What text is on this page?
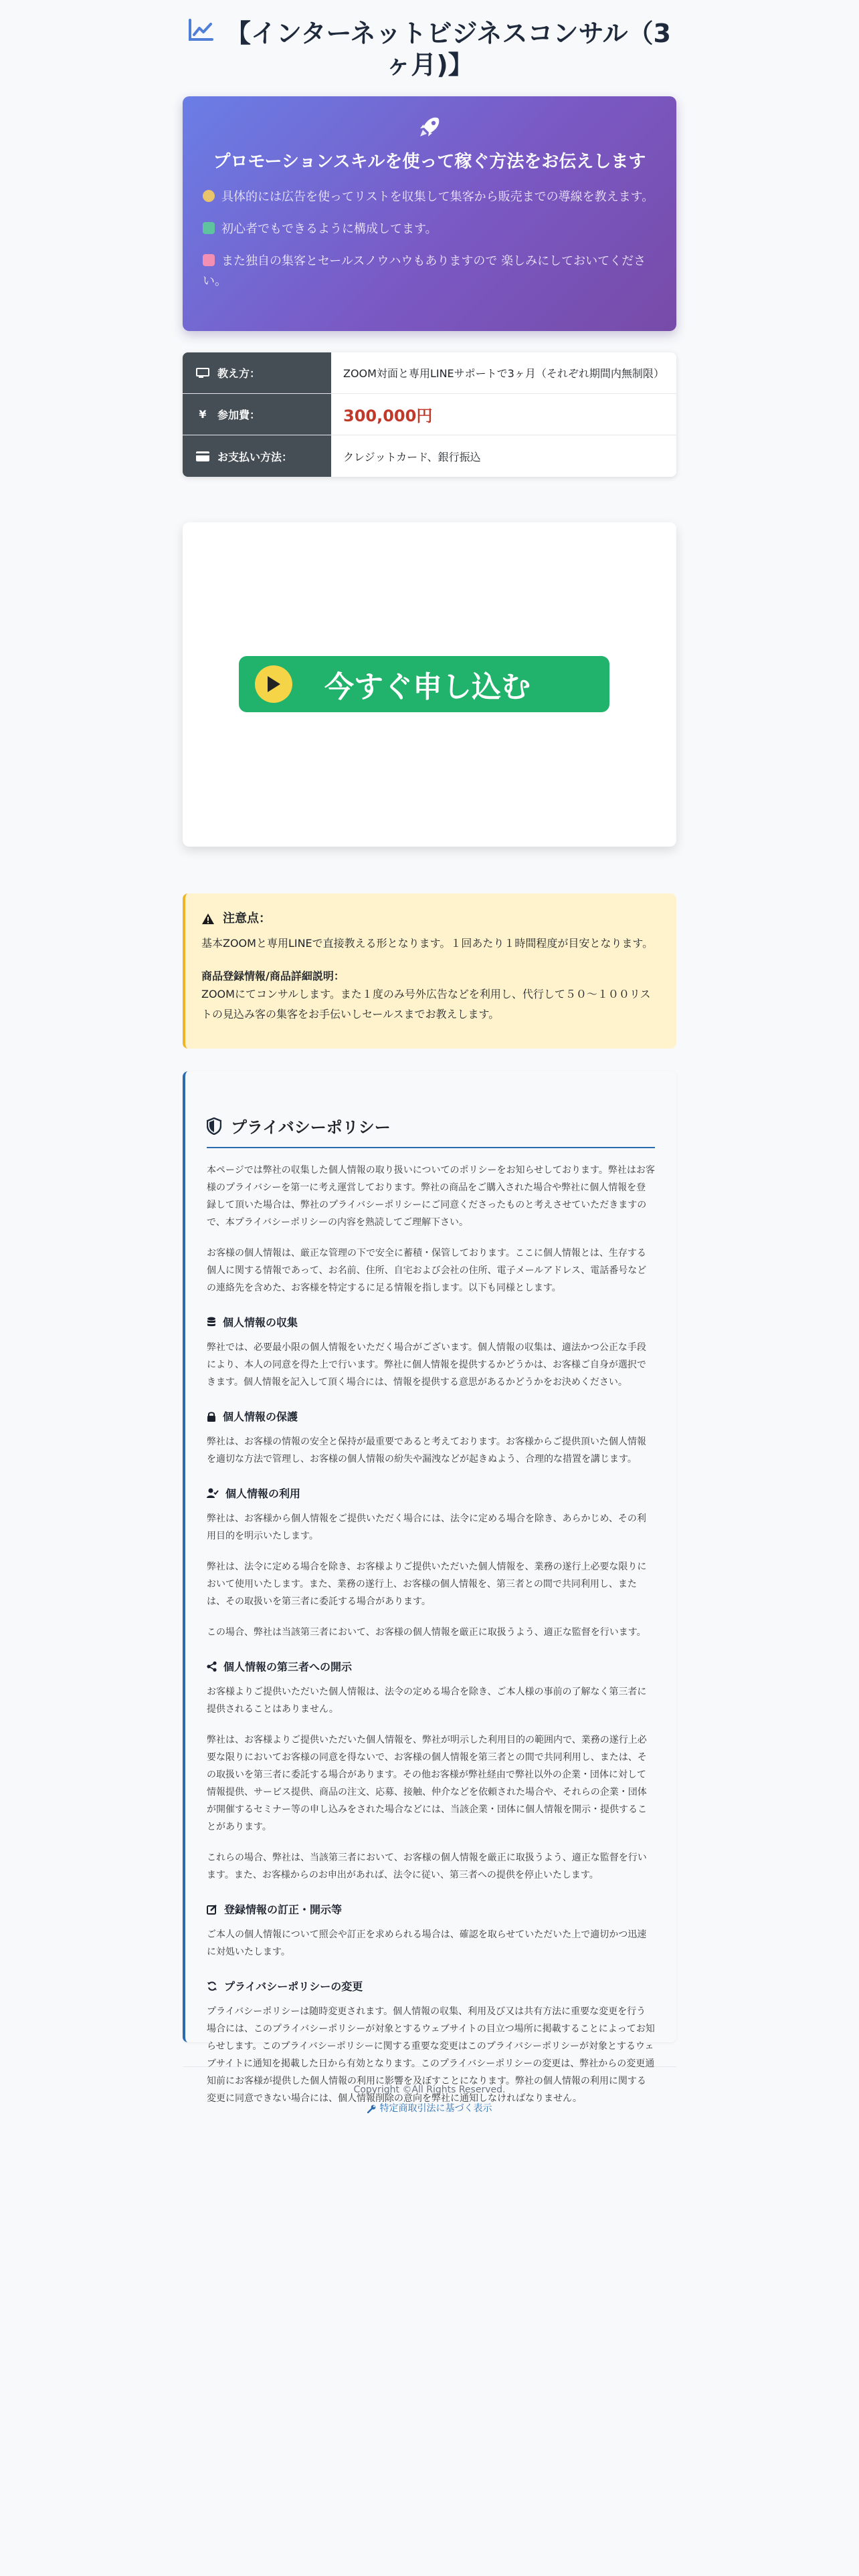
【インターネットビジネスコンサル（3ヶ月)】
プロモーションスキルを使って稼ぐ方法をお伝えします
具体的には広告を使ってリストを収集して集客から販売までの導線を教えます。
初心者でもできるように構成してます。
また独自の集客とセールスノウハウもありますので 楽しみにしておいてください。
教え方：	ZOOM対面と専用LINEサポートで3ヶ月（それぞれ期間内無制限）
¥	参加費：	300,000円
お支払い方法：	クレジットカード、銀行振込
今すぐ申し込む
注意点：

基本ZOOMと専用LINEで直接教える形となります。１回あたり１時間程度が目安となります。

商品登録情報/商品詳細説明：

ZOOMにてコンサルします。また１度のみ号外広告などを利用し、代行して５０～１００リストの見込み客の集客をお手伝いしセールスまでお教えします。

プライバシーポリシー

本ページでは弊社の収集した個人情報の取り扱いについてのポリシーをお知らせしております。弊社はお客様のプライバシーを第一に考え運営しております。弊社の商品をご購入された場合や弊社に個人情報を登録して頂いた場合は、弊社のプライバシーポリシーにご同意くださったものと考えさせていただきますので、本プライバシーポリシーの内容を熟読してご理解下さい。

お客様の個人情報は、厳正な管理の下で安全に蓄積・保管しております。ここに個人情報とは、生存する個人に関する情報であって、お名前、住所、自宅および会社の住所、電子メールアドレス、電話番号などの連絡先を含めた、お客様を特定するに足る情報を指します。以下も同様とします。

個人情報の収集

弊社では、必要最小限の個人情報をいただく場合がございます。個人情報の収集は、適法かつ公正な手段により、本人の同意を得た上で行います。弊社に個人情報を提供するかどうかは、お客様ご自身が選択できます。個人情報を記入して頂く場合には、情報を提供する意思があるかどうかをお決めください。

個人情報の保護

弊社は、お客様の情報の安全と保持が最重要であると考えております。お客様からご提供頂いた個人情報を適切な方法で管理し、お客様の個人情報の紛失や漏洩などが起きぬよう、合理的な措置を講じます。

個人情報の利用

弊社は、お客様から個人情報をご提供いただく場合には、法令に定める場合を除き、あらかじめ、その利用目的を明示いたします。

弊社は、法令に定める場合を除き、お客様よりご提供いただいた個人情報を、業務の遂行上必要な限りにおいて使用いたします。また、業務の遂行上、お客様の個人情報を、第三者との間で共同利用し、または、その取扱いを第三者に委託する場合があります。

この場合、弊社は当該第三者において、お客様の個人情報を厳正に取扱うよう、適正な監督を行います。

個人情報の第三者への開示

お客様よりご提供いただいた個人情報は、法令の定める場合を除き、ご本人様の事前の了解なく第三者に提供されることはありません。

弊社は、お客様よりご提供いただいた個人情報を、弊社が明示した利用目的の範囲内で、業務の遂行上必要な限りにおいてお客様の同意を得ないで、お客様の個人情報を第三者との間で共同利用し、または、その取扱いを第三者に委託する場合があります。その他お客様が弊社経由で弊社以外の企業・団体に対して情報提供、サービス提供、商品の注文、応募、接触、仲介などを依頼された場合や、それらの企業・団体が開催するセミナー等の申し込みをされた場合などには、当該企業・団体に個人情報を開示・提供することがあります。

これらの場合、弊社は、当該第三者において、お客様の個人情報を厳正に取扱うよう、適正な監督を行います。また、お客様からのお申出があれば、法令に従い、第三者への提供を停止いたします。

登録情報の訂正・開示等

ご本人の個人情報について照会や訂正を求められる場合は、確認を取らせていただいた上で適切かつ迅速に対処いたします。

プライバシーポリシーの変更

プライバシーポリシーは随時変更されます。個人情報の収集、利用及び又は共有方法に重要な変更を行う場合には、このプライバシーポリシーが対象とするウェブサイトの目立つ場所に掲載することによってお知らせします。このプライバシーポリシーに関する重要な変更はこのプライバシーポリシーが対象とするウェブサイトに通知を掲載した日から有効となります。このプライバシーポリシーの変更は、弊社からの変更通知前にお客様が提供した個人情報の利用に影響を及ぼすことになります。弊社の個人情報の利用に関する変更に同意できない場合には、個人情報削除の意向を弊社に通知しなければなりません。

Copyright ©All Rights Reserved.
特定商取引法に基づく表示
